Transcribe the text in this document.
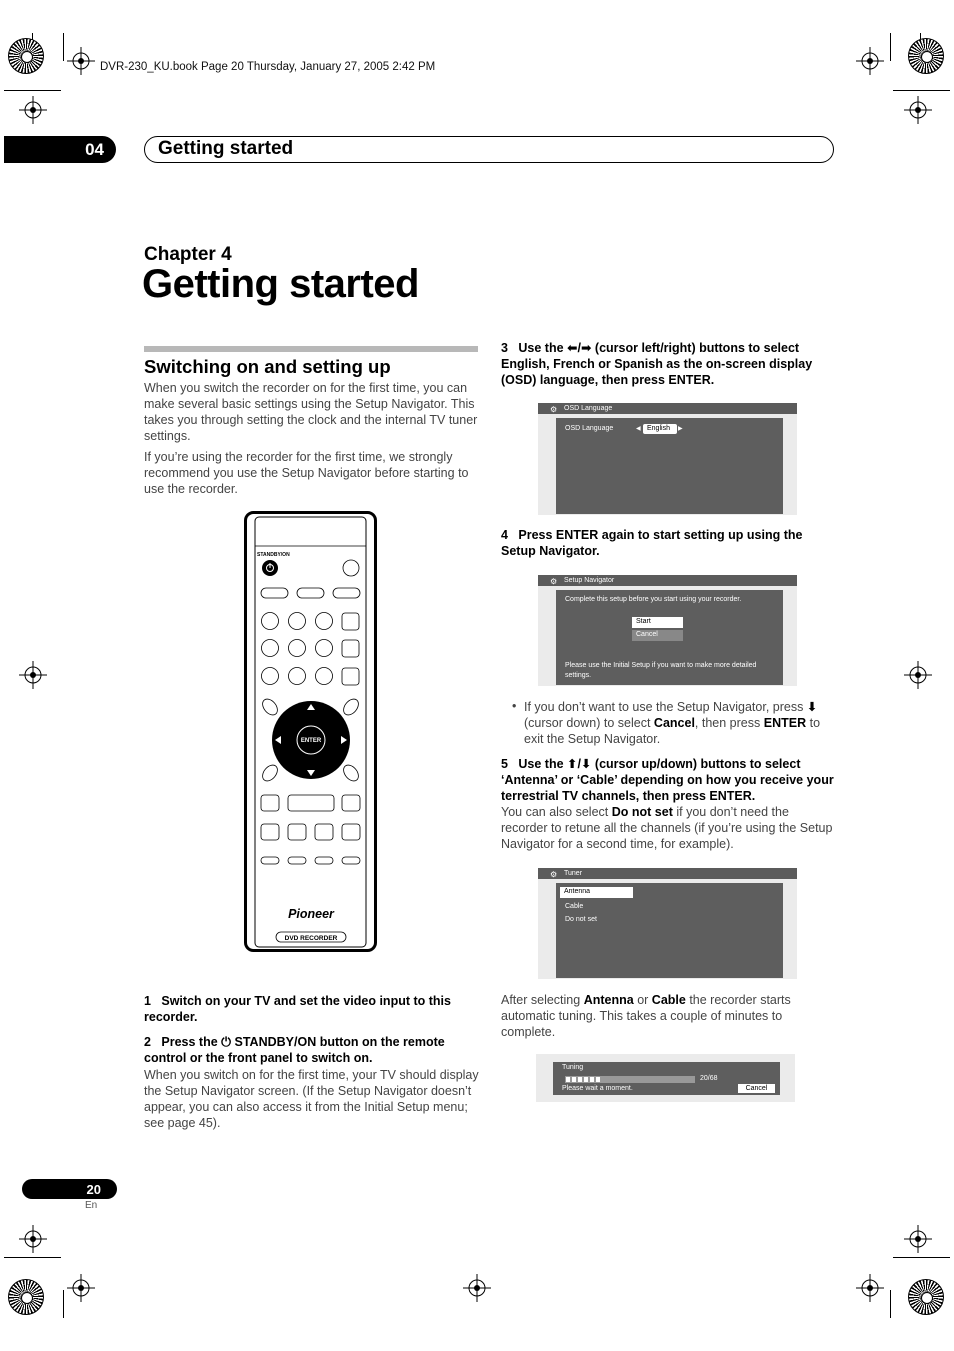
DVR-230_KU.book Page 20 Thursday, January 27, 2005 2:42 PM
04	Getting started
Chapter 4
Getting started
Switching on and setting up
When you switch the recorder on for the first time, you can make several basic settings using the Setup Navigator. This takes you through setting the clock and the internal TV tuner settings.
If you’re using the recorder for the first time, we strongly recommend you use the Setup Navigator before starting to use the recorder.
STANDBY/ON
ENTER
Pioneer
DVD RECORDER
1 Switch on your TV and set the video input to this recorder.
2 Press the ⏻ STANDBY/ON button on the remote control or the front panel to switch on.
When you switch on for the first time, your TV should display the Setup Navigator screen. (If the Setup Navigator doesn’t appear, you can also access it from the Initial Setup menu; see page 45).
3 Use the ⬅/➡ (cursor left/right) buttons to select English, French or Spanish as the on-screen display (OSD) language, then press ENTER.
⚙ OSD Language
OSD Language	◀ English	▶
4 Press ENTER again to start setting up using the Setup Navigator.
⚙ Setup Navigator
Complete this setup before you start using your recorder.
Start
Cancel
Please use the Initial Setup if you want to make more detailed settings.
• If you don’t want to use the Setup Navigator, press ⬇ (cursor down) to select Cancel, then press ENTER to exit the Setup Navigator.
5 Use the ⬆/⬇ (cursor up/down) buttons to select ‘Antenna’ or ‘Cable’ depending on how you receive your terrestrial TV channels, then press ENTER.
You can also select Do not set if you don’t need the recorder to retune all the channels (if you’re using the Setup Navigator for a second time, for example).
⚙ Tuner
Antenna
Cable
Do not set
After selecting Antenna or Cable the recorder starts automatic tuning. This takes a couple of minutes to complete.
Tuning
20/68
Please wait a moment.	Cancel
20
En
